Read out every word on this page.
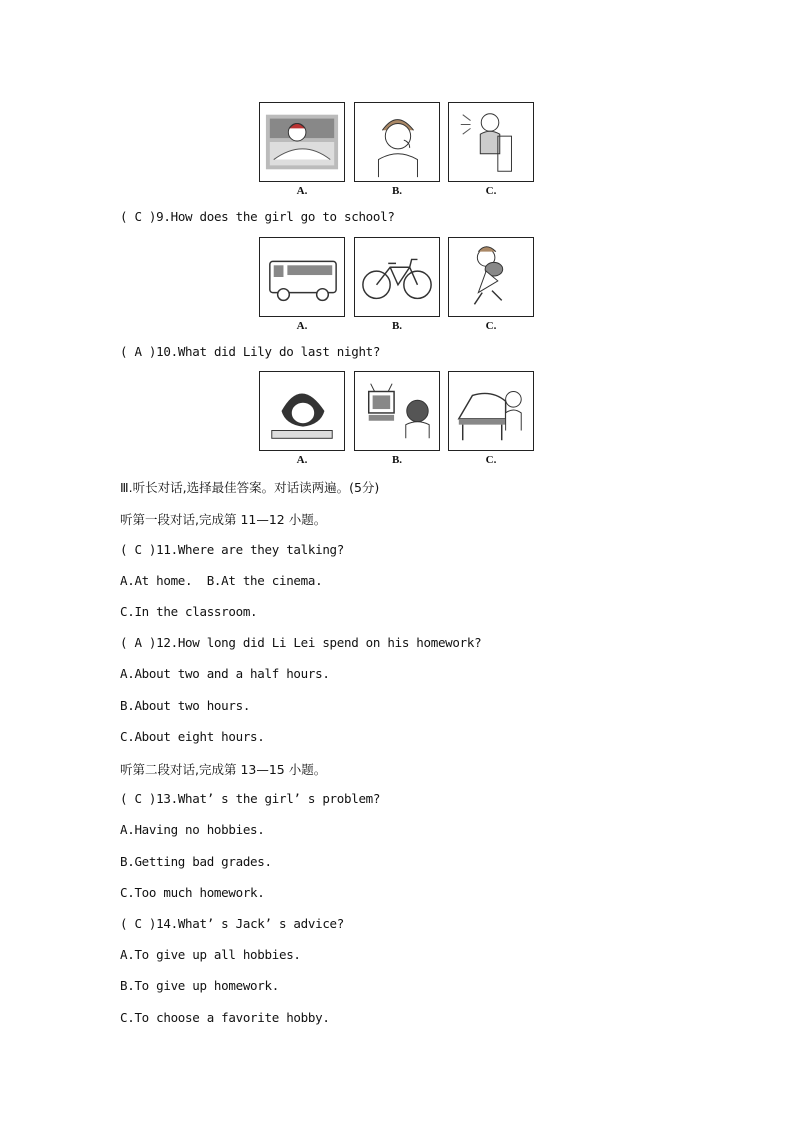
A.	B.	C.
( C )9.How does the girl go to school?
A.	B.	C.
( A )10.What did Lily do last night?
A.	B.	C.
Ⅲ.听长对话,选择最佳答案。对话读两遍。(5分)
听第一段对话,完成第 11—12 小题。
( C )11.Where are they talking?
A.At home.  B.At the cinema.
C.In the classroom.
( A )12.How long did Li Lei spend on his homework?
A.About two and a half hours.
B.About two hours.
C.About eight hours.
听第二段对话,完成第 13—15 小题。
( C )13.What’ s the girl’ s problem?
A.Having no hobbies.
B.Getting bad grades.
C.Too much homework.
( C )14.What’ s Jack’ s advice?
A.To give up all hobbies.
B.To give up homework.
C.To choose a favorite hobby.
